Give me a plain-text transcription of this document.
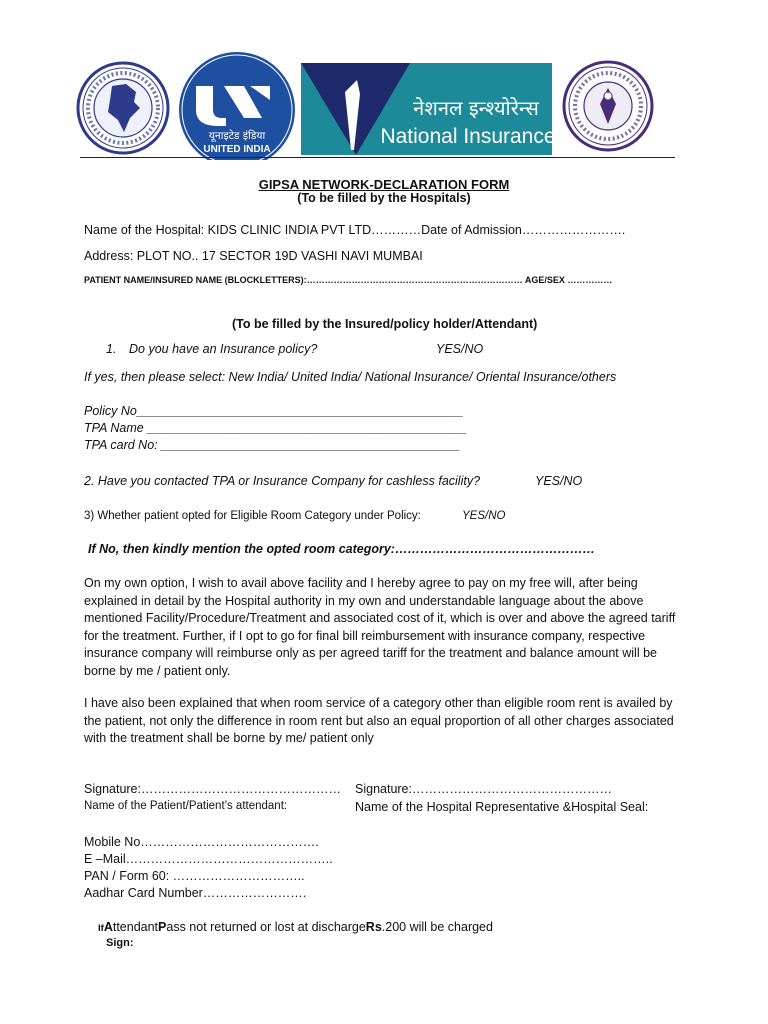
यूनाइटेड इंडिया
UNITED INDIA
नेशनल इन्श्योरेन्स
National Insurance
GIPSA NETWORK-DECLARATION FORM
(To be filled by the Hospitals)
Name of the Hospital: KIDS CLINIC INDIA PVT LTD…………Date of Admission…………………….
Address: PLOT NO.. 17 SECTOR 19D VASHI NAVI MUMBAI
PATIENT NAME/INSURED NAME (BLOCKLETTERS):……………………………………………………………… AGE/SEX ……………
(To be filled by the Insured/policy holder/Attendant)
1. Do you have an Insurance policy?	YES/NO
If yes, then please select: New India/ United India/ National Insurance/ Oriental Insurance/others
Policy No_______________________________________________
TPA Name ______________________________________________
TPA card No: ___________________________________________
2. Have you contacted TPA or Insurance Company for cashless facility?	YES/NO
3) Whether patient opted for Eligible Room Category under Policy:	YES/NO
If No, then kindly mention the opted room category:…………………………………………
On my own option, I wish to avail above facility and I hereby agree to pay on my free will, after being explained in detail by the Hospital authority in my own and understandable language about the above mentioned Facility/Procedure/Treatment and associated cost of it, which is over and above the agreed tariff for the treatment. Further, if I opt to go for final bill reimbursement with insurance company, respective insurance company will reimburse only as per agreed tariff for the treatment and balance amount will be borne by me / patient only.
I have also been explained that when room service of a category other than eligible room rent is availed by the patient, not only the difference in room rent but also an equal proportion of all other charges associated with the treatment shall be borne by me/ patient only
Signature:…………………………………………
Name of the Patient/Patient’s attendant:
Signature:…………………………………………
Name of the Hospital Representative &Hospital Seal:
Mobile No…………………………………….
E –Mail…………………………………………..
PAN / Form 60: …………………………..
Aadhar Card Number…………………….
IfAttendantPass not returned or lost at dischargeRs.200 will be charged
Sign:
